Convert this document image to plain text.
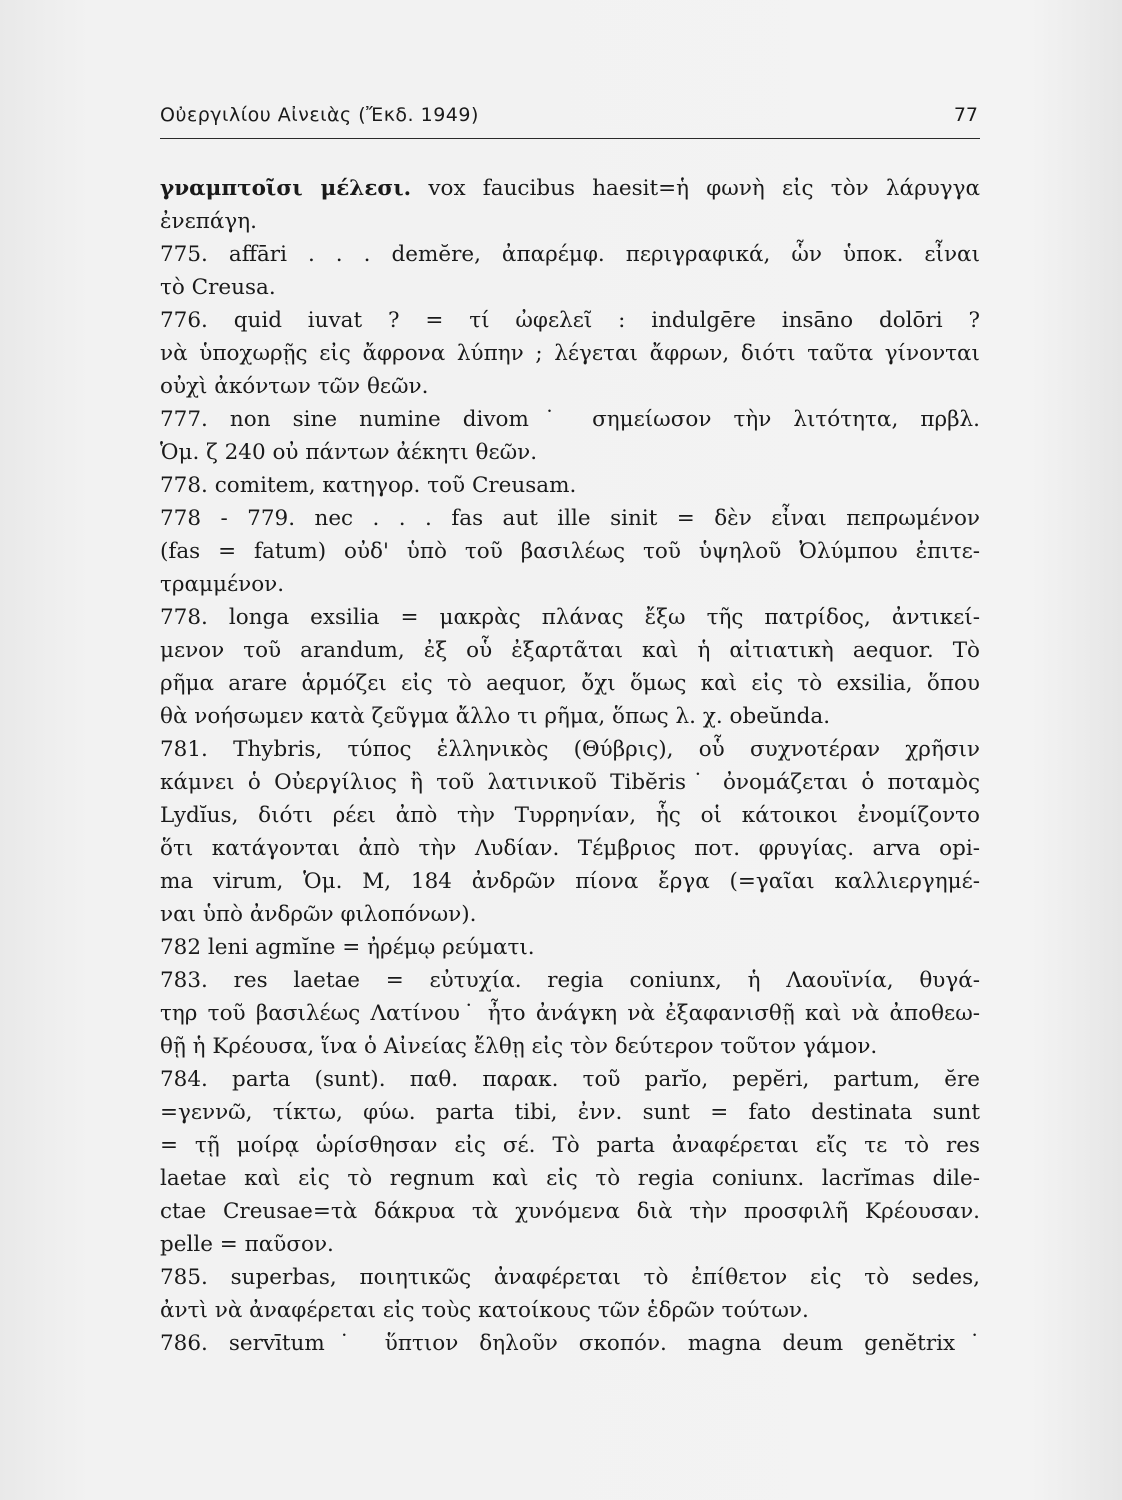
Οὐεργιλίου Αἰνειὰς (Ἔκδ. 1949)	77
γναμπτοῖσι μέλεσι. vox faucibus haesit=ἡ φωνὴ εἰς τὸν λάρυγγα
ἐνεπάγη.
775. affāri . . . demĕre, ἀπαρέμφ. περιγραφικά, ὧν ὑποκ. εἶναι
τὸ Creusa.
776. quid iuvat ? = τί ὠφελεῖ : indulgēre insāno dolōri ?
νὰ ὑποχωρῇς εἰς ἄφρονα λύπην ; λέγεται ἄφρων, διότι ταῦτα γίνονται
οὐχὶ ἀκόντων τῶν θεῶν.
777. non sine numine divom˙ σημείωσον τὴν λιτότητα, πρβλ.
Ὁμ. ζ 240 οὐ πάντων ἀέκητι θεῶν.
778. comitem, κατηγορ. τοῦ Creusam.
778 - 779. nec . . . fas aut ille sinit = δὲν εἶναι πεπρωμένον
(fas = fatum) οὐδ' ὑπὸ τοῦ βασιλέως τοῦ ὑψηλοῦ Ὀλύμπου ἐπιτε-
τραμμένον.
778. longa exsilia = μακρὰς πλάνας ἔξω τῆς πατρίδος, ἀντικεί-
μενον τοῦ arandum, ἐξ οὗ ἐξαρτᾶται καὶ ἡ αἰτιατικὴ aequor. Τὸ
ρῆμα arare ἁρμόζει εἰς τὸ aequor, ὄχι ὅμως καὶ εἰς τὸ exsilia, ὅπου
θὰ νοήσωμεν κατὰ ζεῦγμα ἄλλο τι ρῆμα, ὅπως λ. χ. obeŭnda.
781. Thybris, τύπος ἑλληνικὸς (Θύβρις), οὗ συχνοτέραν χρῆσιν
κάμνει ὁ Οὐεργίλιος ἢ τοῦ λατινικοῦ Tibĕris˙ ὀνομάζεται ὁ ποταμὸς
Lydĭus, διότι ρέει ἀπὸ τὴν Τυρρηνίαν, ἧς οἱ κάτοικοι ἐνομίζοντο
ὅτι κατάγονται ἀπὸ τὴν Λυδίαν. Τέμβριος ποτ. φρυγίας. arva opi-
ma virum, Ὁμ. Μ, 184 ἀνδρῶν πίονα ἔργα (=γαῖαι καλλιεργημέ-
ναι ὑπὸ ἀνδρῶν φιλοπόνων).
782 leni agmĭne = ἠρέμῳ ρεύματι.
783. res laetae = εὐτυχία. regia coniunx, ἡ Λαουϊνία, θυγά-
τηρ τοῦ βασιλέως Λατίνου˙ ἦτο ἀνάγκη νὰ ἐξαφανισθῇ καὶ νὰ ἀποθεω-
θῇ ἡ Κρέουσα, ἵνα ὁ Αἰνείας ἔλθῃ εἰς τὸν δεύτερον τοῦτον γάμον.
784. parta (sunt). παθ. παρακ. τοῦ parĭo, pepĕri, partum, ĕre
=γεννῶ, τίκτω, φύω. parta tibi, ἐνν. sunt = fato destinata sunt
= τῇ μοίρᾳ ὡρίσθησαν εἰς σέ. Τὸ parta ἀναφέρεται εἴς τε τὸ res
laetae καὶ εἰς τὸ regnum καὶ εἰς τὸ regia coniunx. lacrĭmas dile-
ctae Creusae=τὰ δάκρυα τὰ χυνόμενα διὰ τὴν προσφιλῆ Κρέουσαν.
pelle = παῦσον.
785. superbas, ποιητικῶς ἀναφέρεται τὸ ἐπίθετον εἰς τὸ sedes,
ἀντὶ νὰ ἀναφέρεται εἰς τοὺς κατοίκους τῶν ἑδρῶν τούτων.
786. servītum˙ ὕπτιον δηλοῦν σκοπόν. magna deum genĕtrix˙
